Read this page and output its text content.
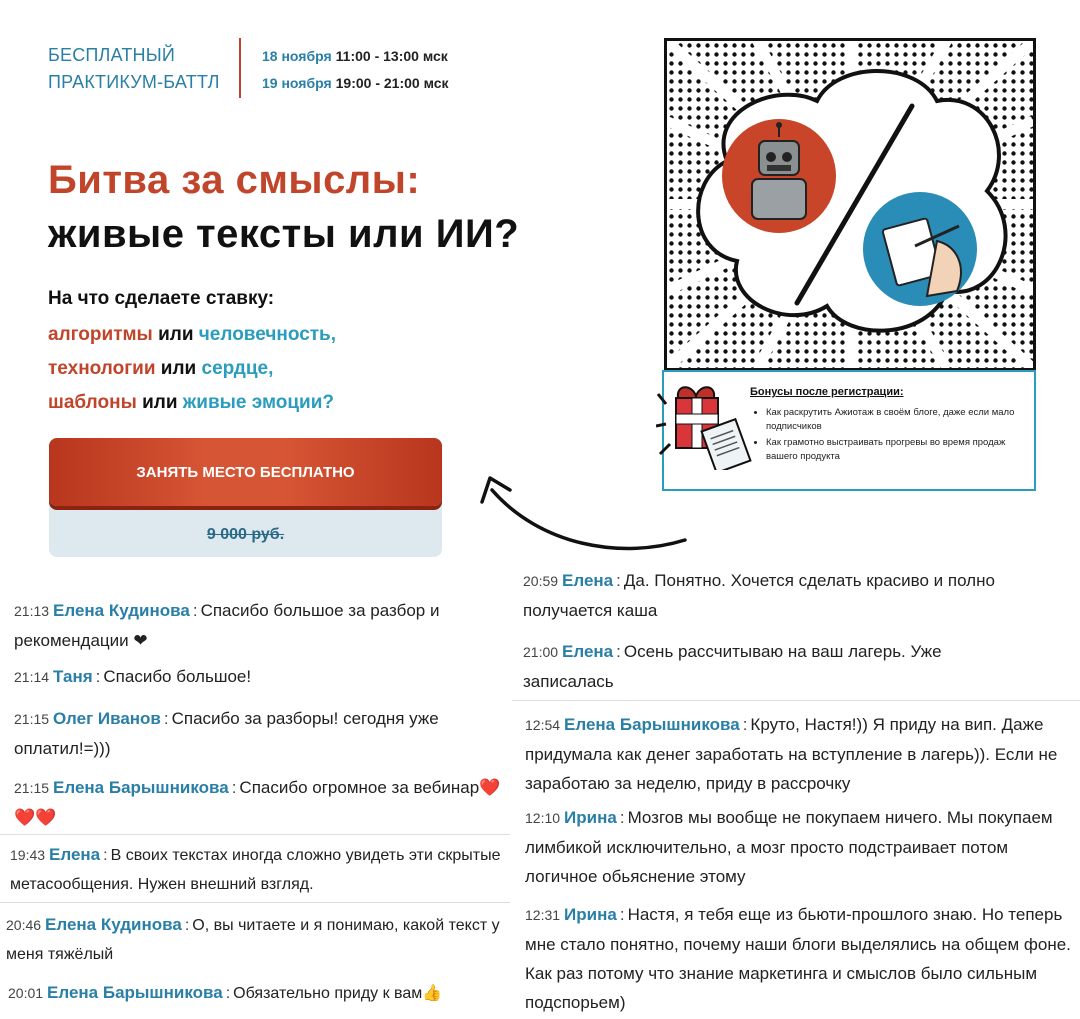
БЕСПЛАТНЫЙ
ПРАКТИКУМ-БАТТЛ
18 ноября 11:00 - 13:00 мск
19 ноября 19:00 - 21:00 мск
Битва за смыслы:
живые тексты или ИИ?
На что сделаете ставку:
алгоритмы или человечность,
технологии или сердце,
шаблоны или живые эмоции?
9 000 руб.
ЗАНЯТЬ МЕСТО БЕСПЛАТНО
Бонусы после регистрации:
• Как раскрутить Ажиотаж в своём блоге, даже если мало подписчиков
• Как грамотно выстраивать прогревы во время продаж вашего продукта
21:13 Елена Кудинова : Спасибо большое за разбор и рекомендации ❤
21:14 Таня : Спасибо большое!
21:15 Олег Иванов : Спасибо за разборы! сегодня уже оплатил!=)))
21:15 Елена Барышникова : Спасибо огромное за вебинар❤️❤️❤️
19:43 Елена : В своих текстах иногда сложно увидеть эти скрытые метасообщения. Нужен внешний взгляд.
20:46 Елена Кудинова : О, вы читаете и я понимаю, какой текст у меня тяжёлый
20:01 Елена Барышникова : Обязательно приду к вам👍
20:59 Елена : Да. Понятно. Хочется сделать красиво и полно получается каша
21:00 Елена : Осень рассчитываю на ваш лагерь. Уже записалась
12:54 Елена Барышникова : Круто, Настя!)) Я приду на вип. Даже придумала как денег заработать на вступление в лагерь)). Если не заработаю за неделю, приду в рассрочку
12:10 Ирина : Мозгов мы вообще не покупаем ничего. Мы покупаем лимбикой исключительно, а мозг просто подстраивает потом логичное обьяснение этому
12:31 Ирина : Настя, я тебя еще из бьюти-прошлого знаю. Но теперь мне стало понятно, почему наши блоги выделялись на общем фоне. Как раз потому что знание маркетинга и смыслов было сильным подспорьем)
